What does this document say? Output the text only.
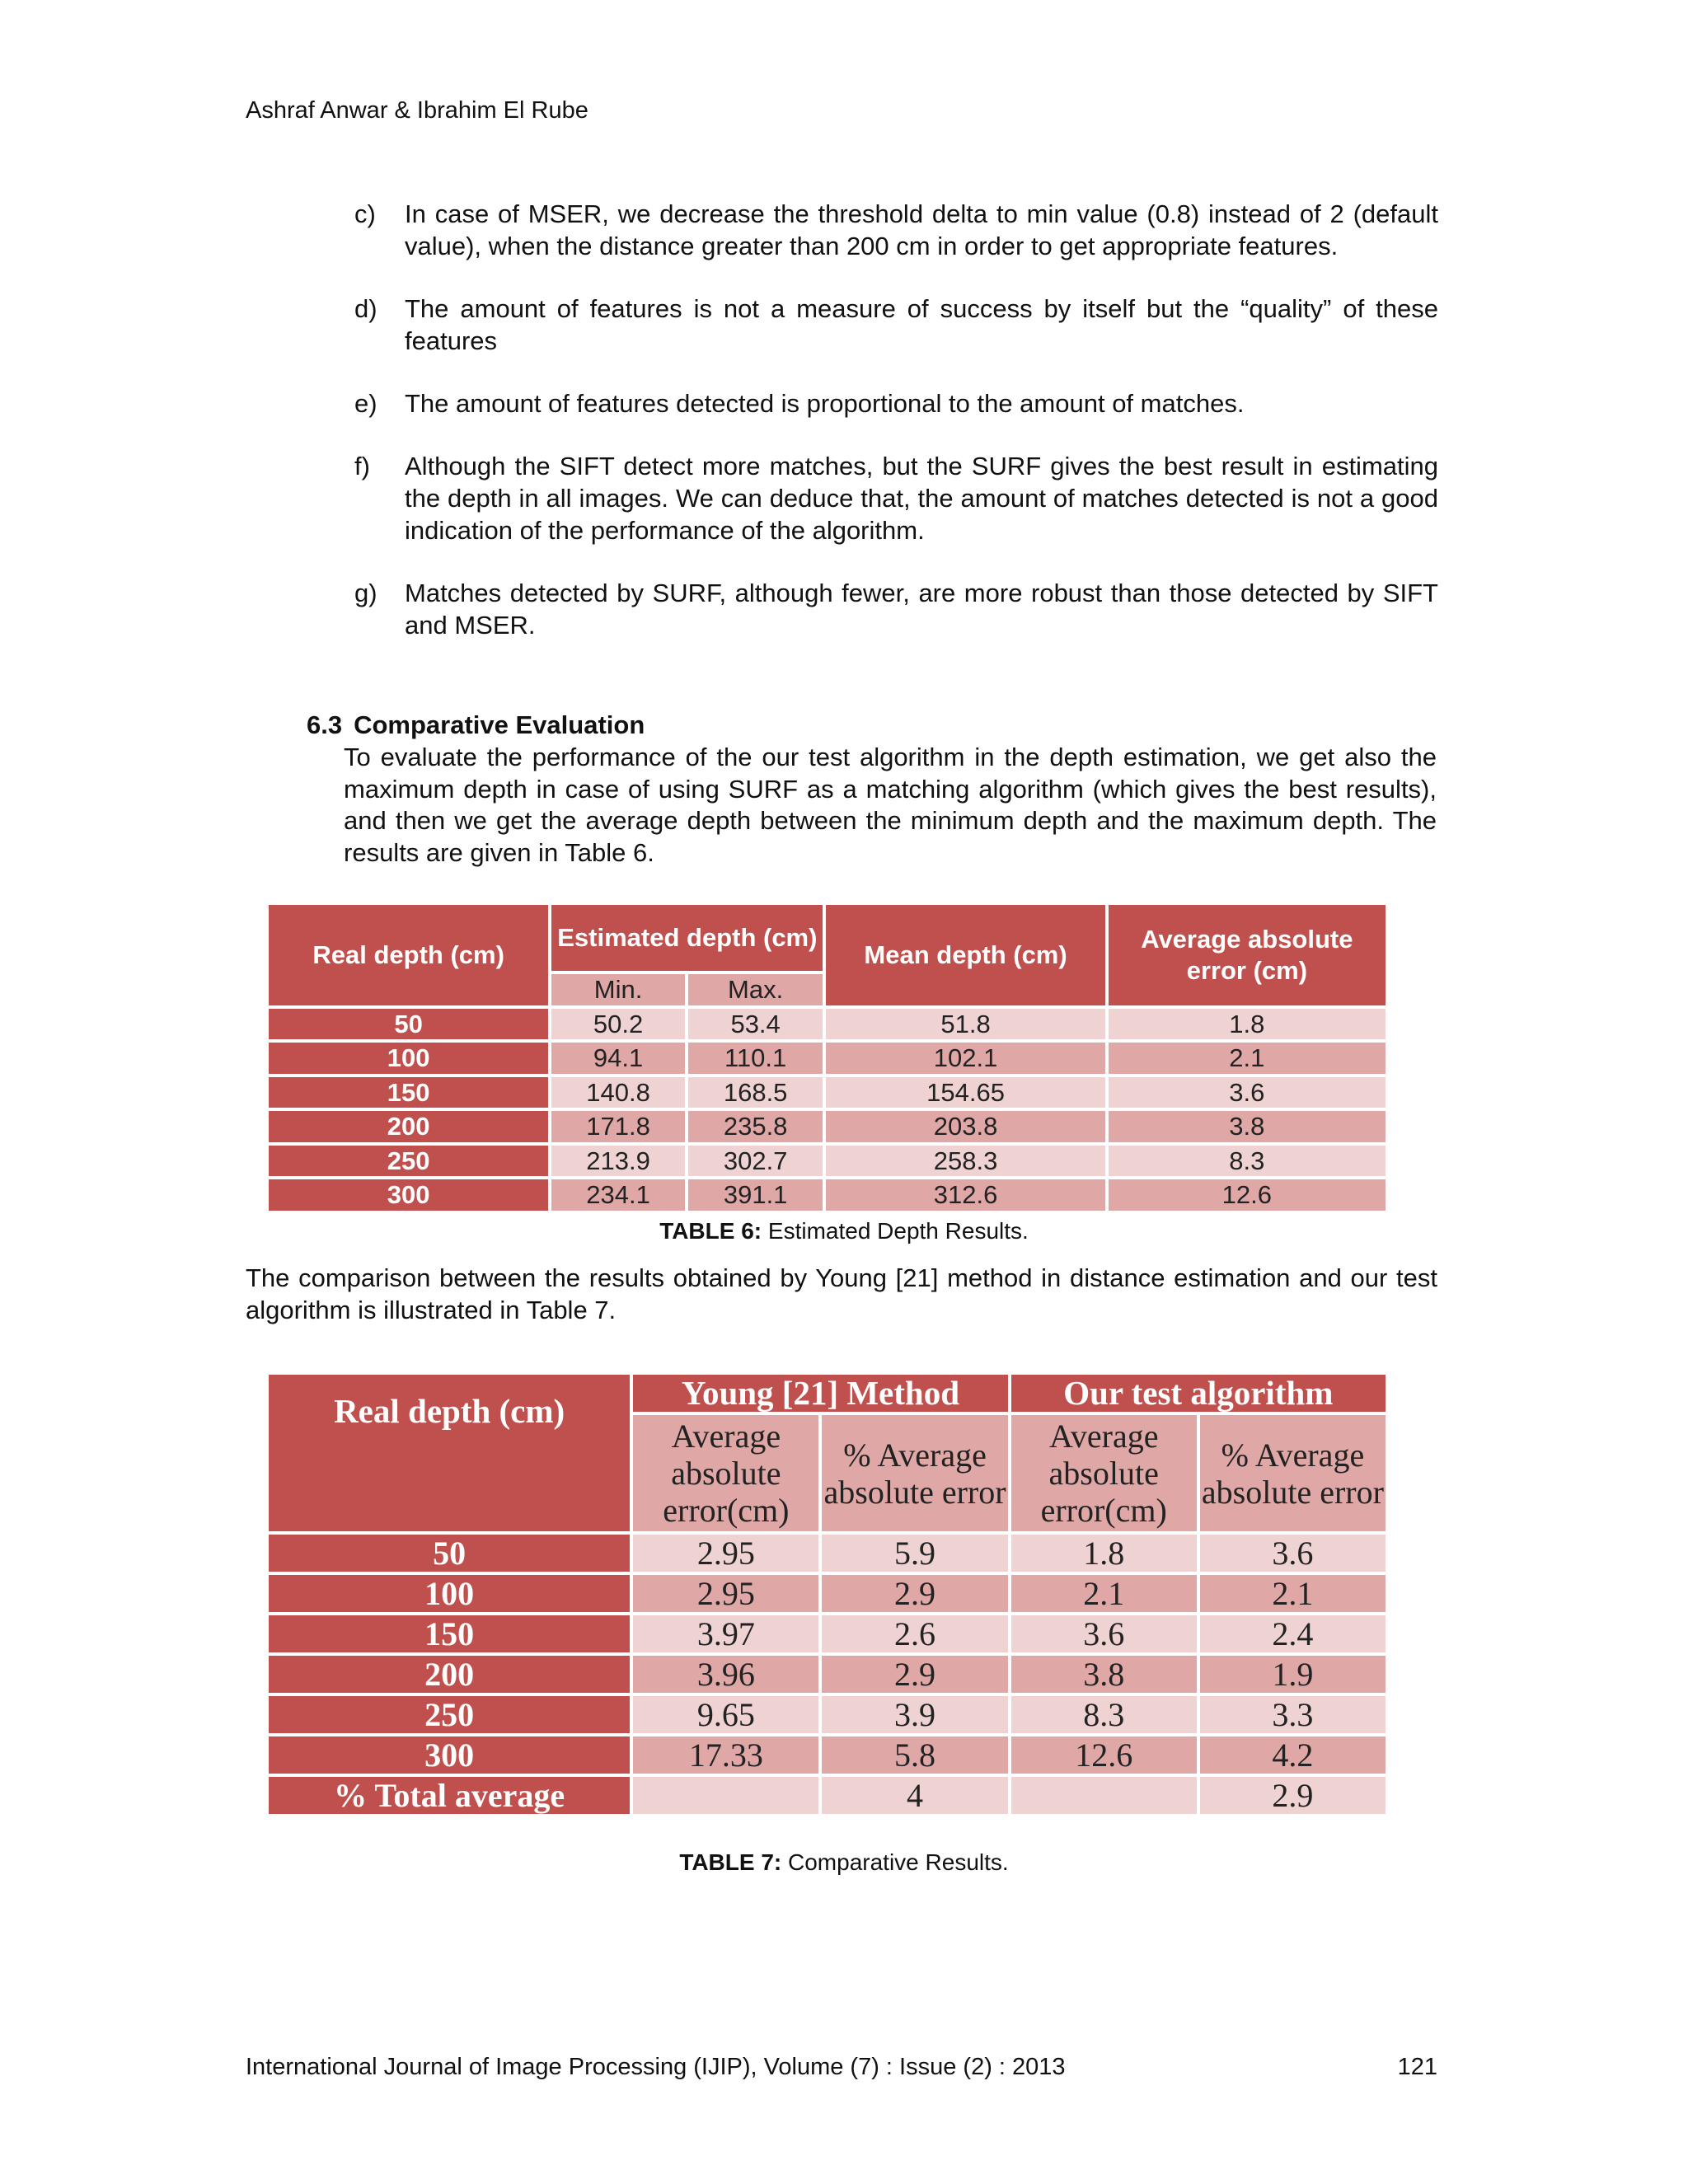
Ashraf Anwar & Ibrahim El Rube
c) In case of MSER, we decrease the threshold delta to min value (0.8) instead of 2 (default value), when the distance greater than 200 cm in order to get appropriate features.
d) The amount of features is not a measure of success by itself but the “quality” of these features
e) The amount of features detected is proportional to the amount of matches.
f) Although the SIFT detect more matches, but the SURF gives the best result in estimating the depth in all images. We can deduce that, the amount of matches detected is not a good indication of the performance of the algorithm.
g) Matches detected by SURF, although fewer, are more robust than those detected by SIFT and MSER.
6.3 Comparative Evaluation
To evaluate the performance of the our test algorithm in the depth estimation, we get also the maximum depth in case of using SURF as a matching algorithm (which gives the best results), and then we get the average depth between the minimum depth and the maximum depth. The results are given in Table 6.
Real depth (cm)	Estimated depth (cm)		Mean depth (cm)	Average absolute error (cm)
	Min.	Max.		
50	50.2	53.4	51.8	1.8
100	94.1	110.1	102.1	2.1
150	140.8	168.5	154.65	3.6
200	171.8	235.8	203.8	3.8
250	213.9	302.7	258.3	8.3
300	234.1	391.1	312.6	12.6
TABLE 6: Estimated Depth Results.
The comparison between the results obtained by Young [21] method in distance estimation and our test algorithm is illustrated in Table 7.
Real depth (cm)	Young [21] Method		Our test algorithm	
	Average absolute error(cm)	% Average absolute error	Average absolute error(cm)	% Average absolute error
50	2.95	5.9	1.8	3.6
100	2.95	2.9	2.1	2.1
150	3.97	2.6	3.6	2.4
200	3.96	2.9	3.8	1.9
250	9.65	3.9	8.3	3.3
300	17.33	5.8	12.6	4.2
% Total average		4		2.9
TABLE 7: Comparative Results.
International Journal of Image Processing (IJIP), Volume (7) : Issue (2) : 2013	121
